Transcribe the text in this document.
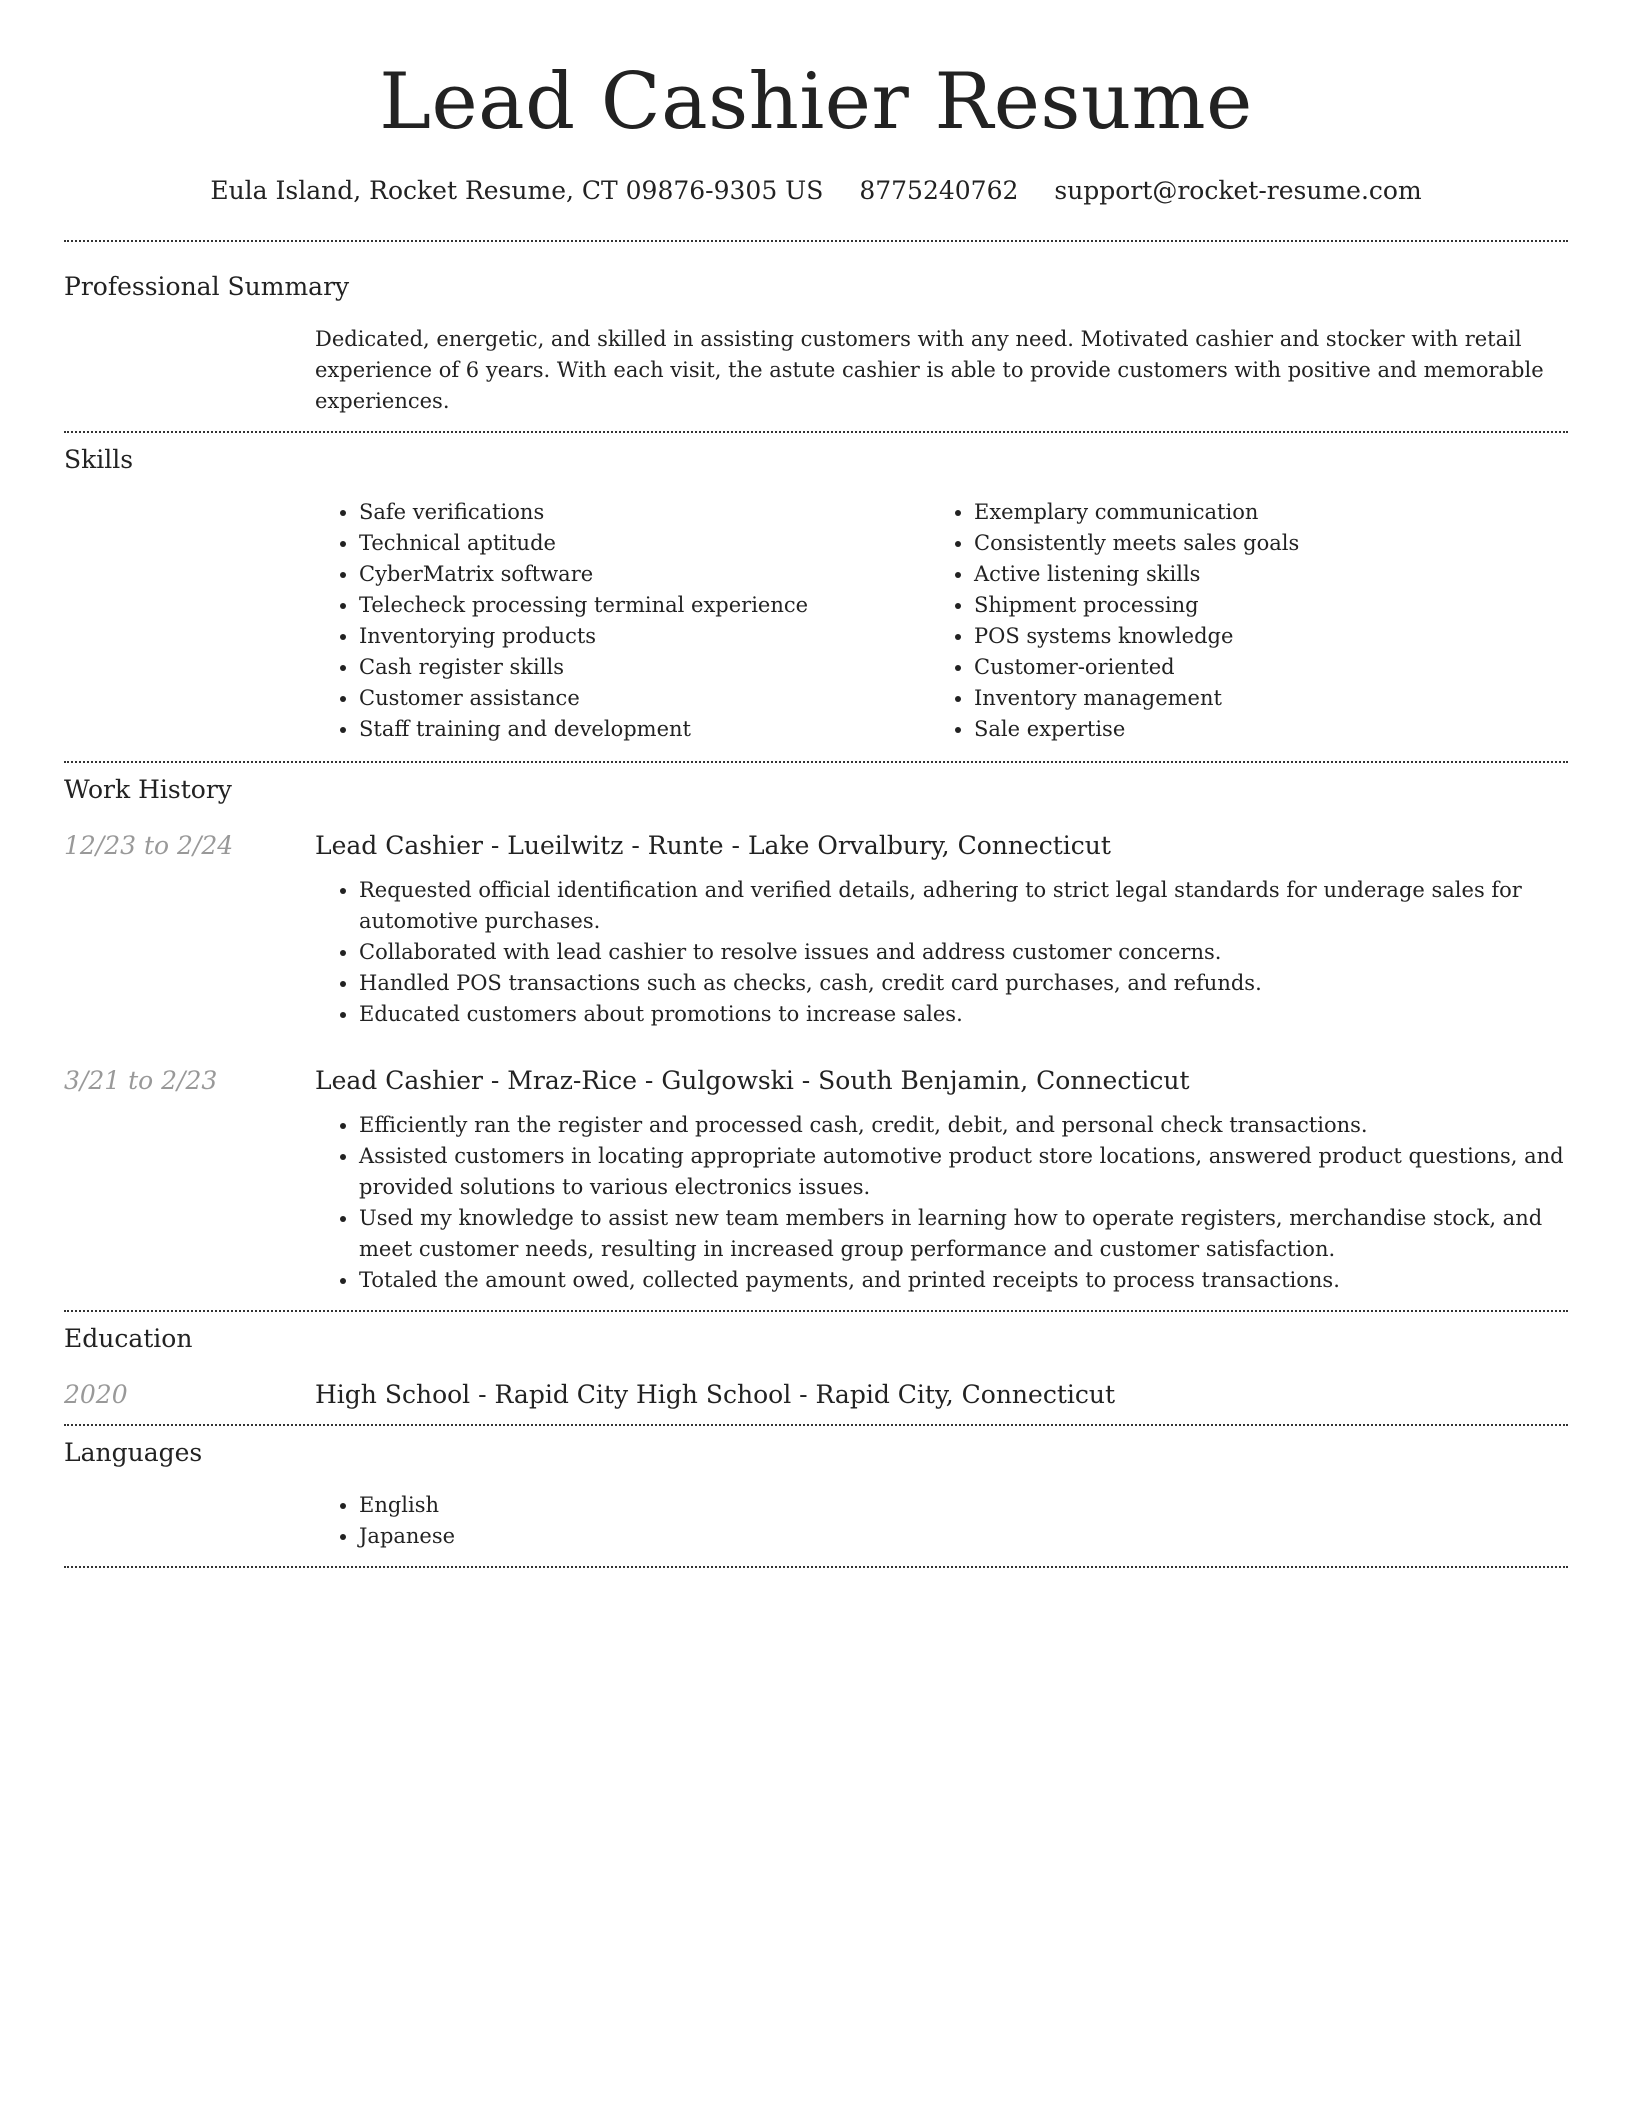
Lead Cashier Resume
Eula Island, Rocket Resume, CT 09876-9305 US 8775240762 support@rocket-resume.com
Professional Summary

Dedicated, energetic, and skilled in assisting customers with any need. Motivated cashier and stocker with retail experience of 6 years. With each visit, the astute cashier is able to provide customers with positive and memorable experiences.

Skills
• Safe verifications
• Technical aptitude
• CyberMatrix software
• Telecheck processing terminal experience
• Inventorying products
• Cash register skills
• Customer assistance
• Staff training and development
• Exemplary communication
• Consistently meets sales goals
• Active listening skills
• Shipment processing
• POS systems knowledge
• Customer-oriented
• Inventory management
• Sale expertise
Work History
12/23 to 2/24	Lead Cashier - Lueilwitz - Runte - Lake Orvalbury, Connecticut
• Requested official identification and verified details, adhering to strict legal standards for underage sales for automotive purchases.
• Collaborated with lead cashier to resolve issues and address customer concerns.
• Handled POS transactions such as checks, cash, credit card purchases, and refunds.
• Educated customers about promotions to increase sales.
3/21 to 2/23	Lead Cashier - Mraz-Rice - Gulgowski - South Benjamin, Connecticut
• Efficiently ran the register and processed cash, credit, debit, and personal check transactions.
• Assisted customers in locating appropriate automotive product store locations, answered product questions, and provided solutions to various electronics issues.
• Used my knowledge to assist new team members in learning how to operate registers, merchandise stock, and meet customer needs, resulting in increased group performance and customer satisfaction.
• Totaled the amount owed, collected payments, and printed receipts to process transactions.
Education
2020	High School - Rapid City High School - Rapid City, Connecticut
Languages
• English
• Japanese
